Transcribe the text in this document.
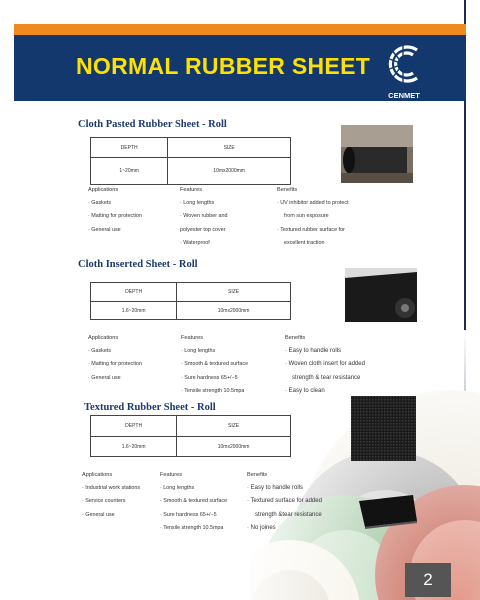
NORMAL RUBBER SHEET
CENMET
Cloth Pasted Rubber Sheet - Roll
DEPTH	SIZE
1~20mm	10mx2000mm
Applications
· Gaskets
· Matting for protection
· General use
Features
· Long lengths
· Woven rubber and
polyester top cover
· Waterproof
Benefits
· UV inhibitor added to protect
from sun exposure
· Textured rubber surface for
excellent traction
Cloth Inserted Sheet - Roll
DEPTH	SIZE
1.6~20mm	10mx2000mm
Applications
· Gaskets
· Matting for protection
· General use
Features
· Long lengths
· Smooth & textured surface
· Sure hardness 65+/−5
· Tensile strength 10.5mpa
Benefits
· Easy to handle rolls
· Woven cloth insert for added
strength & tear resistance
· Easy to clean
Textured Rubber Sheet - Roll
DEPTH	SIZE
1.6~20mm	10mx2000mm
Applications
· Industrial work stations
· Service counters
· General use
Features
· Long lengths
· Smooth & textured surface
· Sure hardness 65+/−5
· Tensile strength 10.5mpa
Benefits
· Easy to handle rolls
· Textured surface for added
strength &tear resistance
· No joines
2
